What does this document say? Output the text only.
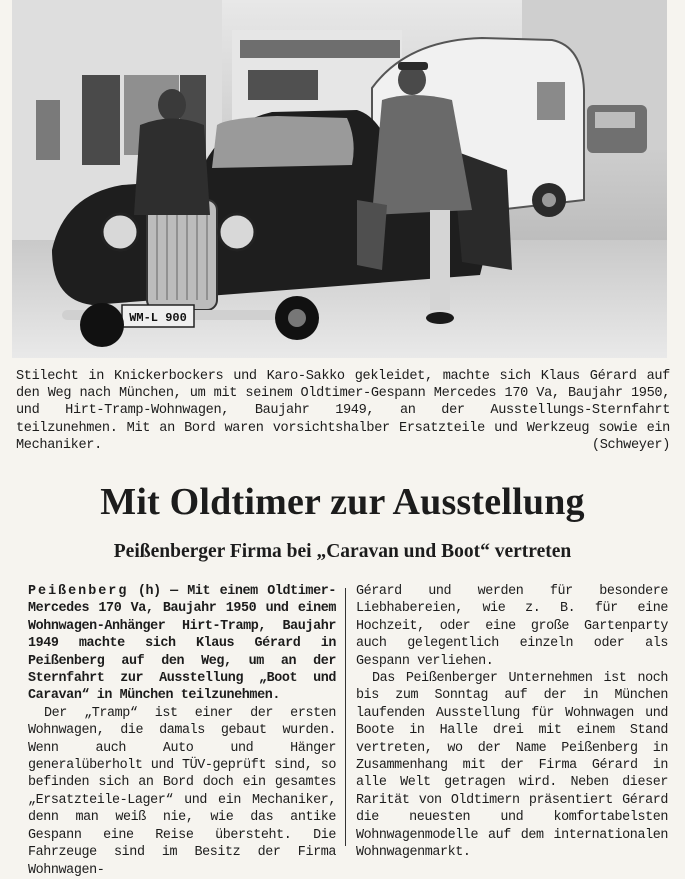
WM-L 900
Stilecht in Knickerbockers und Karo-Sakko gekleidet, machte sich Klaus Gérard auf den Weg nach München, um mit seinem Oldtimer-Gespann Mercedes 170 Va, Baujahr 1950, und Hirt-Tramp-Wohnwagen, Baujahr 1949, an der Ausstellungs-Sternfahrt teilzunehmen. Mit an Bord waren vorsichtshalber Ersatzteile und Werkzeug sowie ein Mechaniker.	(Schweyer)
Mit Oldtimer zur Ausstellung
Peißenberger Firma bei „Caravan und Boot“ vertreten

Peißenberg (h) — Mit einem Oldtimer-Mercedes 170 Va, Baujahr 1950 und einem Wohnwagen-Anhänger Hirt-Tramp, Baujahr 1949 machte sich Klaus Gérard in Peißenberg auf den Weg, um an der Sternfahrt zur Ausstellung „Boot und Caravan“ in München teilzunehmen.

Der „Tramp“ ist einer der ersten Wohnwagen, die damals gebaut wurden. Wenn auch Auto und Hänger generalüberholt und TÜV-geprüft sind, so befinden sich an Bord doch ein gesamtes „Ersatzteile-Lager“ und ein Mechaniker, denn man weiß nie, wie das antike Gespann eine Reise übersteht. Die Fahrzeuge sind im Besitz der Firma Wohnwagen-

Gérard und werden für besondere Liebhabereien, wie z. B. für eine Hochzeit, oder eine große Gartenparty auch gelegentlich einzeln oder als Gespann verliehen.

Das Peißenberger Unternehmen ist noch bis zum Sonntag auf der in München laufenden Ausstellung für Wohnwagen und Boote in Halle drei mit einem Stand vertreten, wo der Name Peißenberg in Zusammenhang mit der Firma Gérard in alle Welt getragen wird. Neben dieser Rarität von Oldtimern präsentiert Gérard die neuesten und komfortabelsten Wohnwagenmodelle auf dem internationalen Wohnwagenmarkt.
